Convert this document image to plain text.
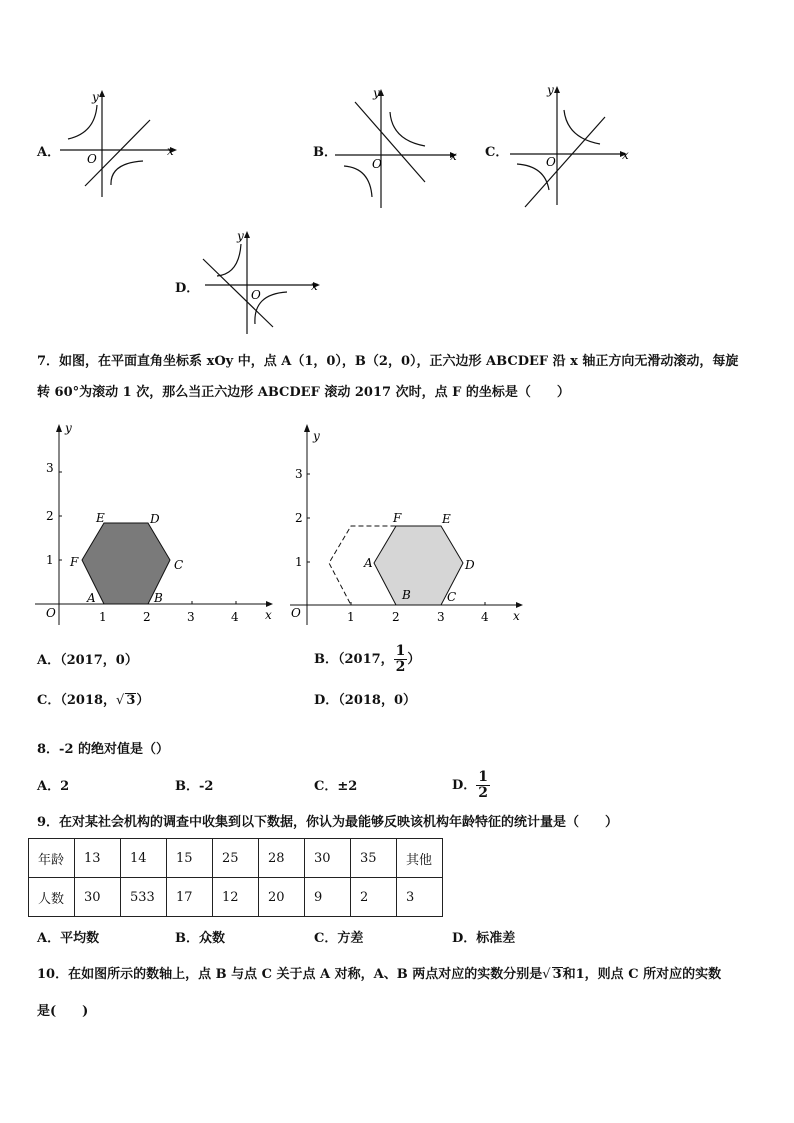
A．
y
x
O	B．
y
x
O
C．
y
x
O
D．
y
x
O
7．如图，在平面直角坐标系 xOy 中，点 A（1，0），B（2，0），正六边形 ABCDEF 沿 x 轴正方向无滑动滚动，每旋
转 60°为滚动 1 次，那么当正六边形 ABCDEF 滚动 2017 次时，点 F 的坐标是（　　）
y
x
O	1	2	3	4
1
2
3
A	B
C
D
E
F
y
x
O	1	2	3	4
1
2
3
A
B	C
D
E
F
A．（2017，0）	B．（2017， $\frac{1}{2}$ ）
C．（2018，√ 3）	D．（2018，0）
8．-2 的绝对值是（）
A．2	B．-2	C．±2	D． $\frac{1}{2}$
9．在对某社会机构的调查中收集到以下数据，你认为最能够反映该机构年龄特征的统计量是（　　）
年龄	13	14	15	25	28	30	35	其他
人数	30	533	17	12	20	9	2	3
A．平均数	B．众数	C．方差	D．标准差
10．在如图所示的数轴上，点 B 与点 C 关于点 A 对称，A、B 两点对应的实数分别是√ 3和1，则点 C 所对应的实数
是(　　)
